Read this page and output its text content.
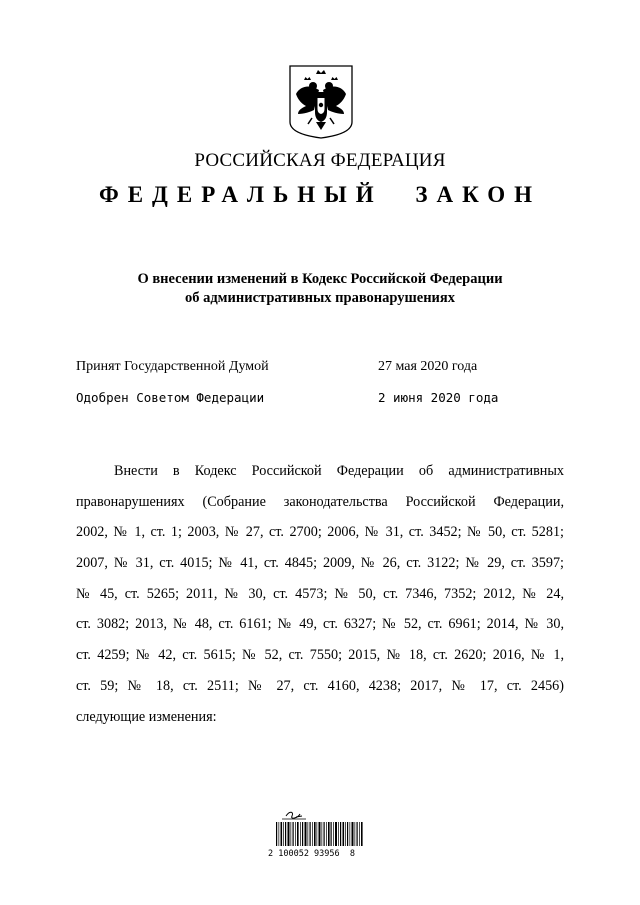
РОССИЙСКАЯ ФЕДЕРАЦИЯ
ФЕДЕРАЛЬНЫЙ ЗАКОН
О внесении изменений в Кодекс Российской Федерации
об административных правонарушениях
Принят Государственной Думой	27 мая 2020 года
Одобрен Советом Федерации	2 июня 2020 года
Внести в Кодекс Российской Федерации об административных
правонарушениях (Собрание законодательства Российской Федерации,
2002, № 1, ст. 1; 2003, № 27, ст. 2700; 2006, № 31, ст. 3452; № 50, ст. 5281;
2007, № 31, ст. 4015; № 41, ст. 4845; 2009, № 26, ст. 3122; № 29, ст. 3597;
№ 45, ст. 5265; 2011, № 30, ст. 4573; № 50, ст. 7346, 7352; 2012, № 24,
ст. 3082; 2013, № 48, ст. 6161; № 49, ст. 6327; № 52, ст. 6961; 2014, № 30,
ст. 4259; № 42, ст. 5615; № 52, ст. 7550; 2015, № 18, ст. 2620; 2016, № 1,
ст. 59; № 18, ст. 2511; № 27, ст. 4160, 4238; 2017, № 17, ст. 2456)
следующие изменения:
2 100052 93956  8
